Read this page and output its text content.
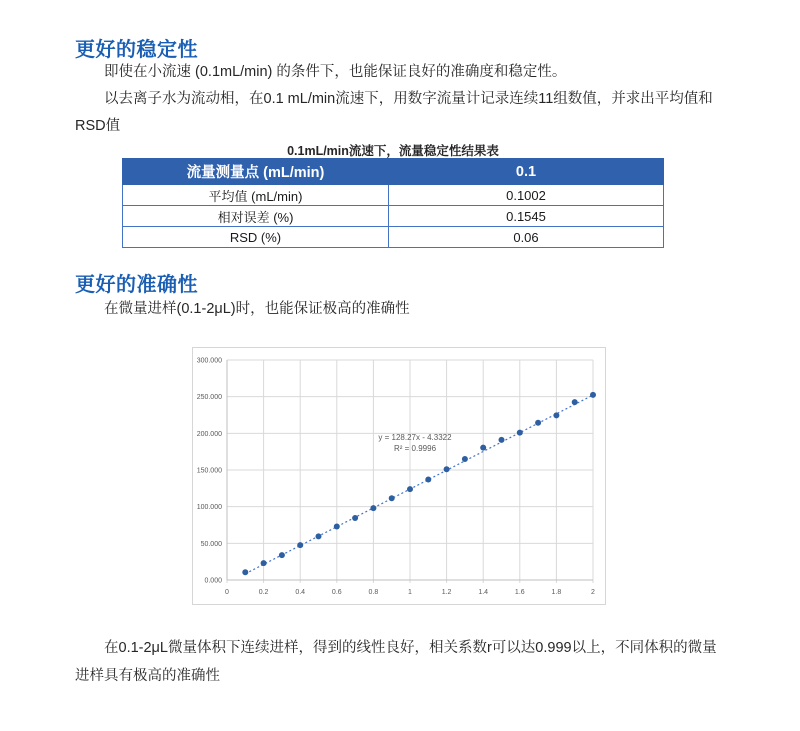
更好的稳定性
即使在小流速 (0.1mL/min) 的条件下，也能保证良好的准确度和稳定性。
以去离子水为流动相，在0.1 mL/min流速下，用数字流量计记录连续11组数值，并求出平均值和
RSD值
0.1mL/min流速下，流量稳定性结果表
流量测量点 (mL/min)	0.1
平均值 (mL/min)	0.1002
相对误差 (%)	0.1545
RSD (%)	0.06
更好的准确性
在微量进样(0.1-2μL)时，也能保证极高的准确性
0.000
50.000
100.000
150.000
200.000
250.000
300.000
0	0.2	0.4	0.6	0.8	1	1.2	1.4	1.6	1.8	2
y = 128.27x - 4.3322
R² = 0.9996
在0.1-2μL微量体积下连续进样，得到的线性良好，相关系数r可以达0.999以上，不同体积的微量
进样具有极高的准确性
